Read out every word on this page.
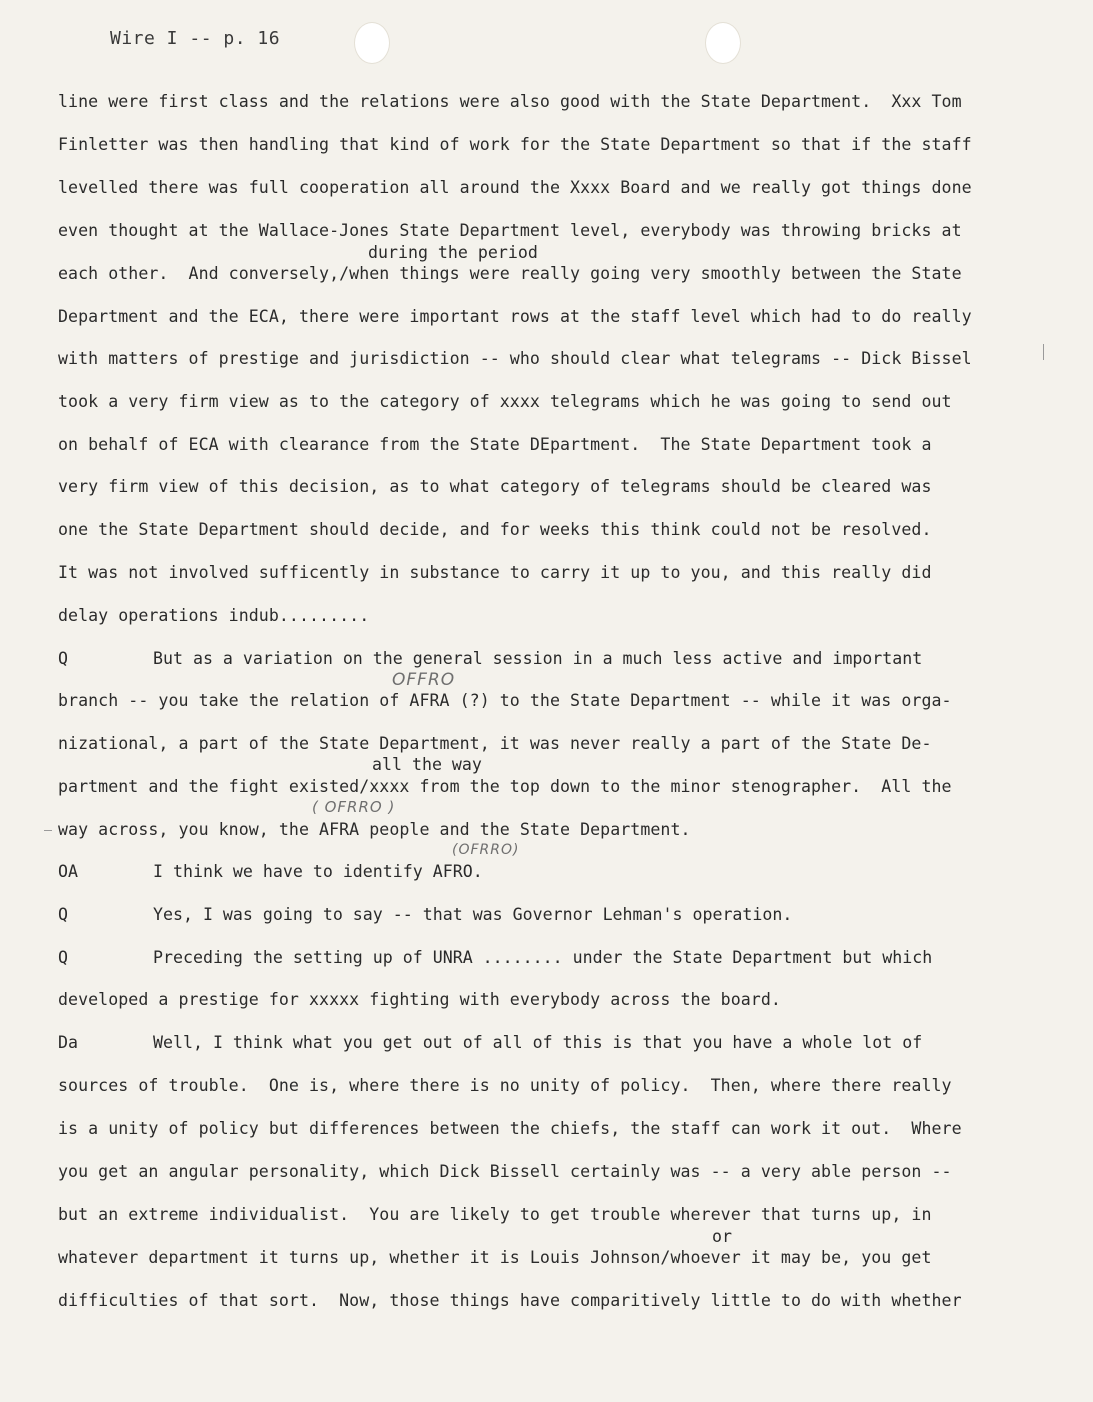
Wire I -- p. 16
line were first class and the relations were also good with the State Department.  Xxx Tom
Finletter was then handling that kind of work for the State Department so that if the staff
levelled there was full cooperation all around the Xxxx Board and we really got things done
even thought at the Wallace-Jones State Department level, everybody was throwing bricks at
during the period
each other.  And conversely,/when things were really going very smoothly between the State
Department and the ECA, there were important rows at the staff level which had to do really
with matters of prestige and jurisdiction -- who should clear what telegrams -- Dick Bissel
took a very firm view as to the category of xxxx telegrams which he was going to send out
on behalf of ECA with clearance from the State DEpartment.  The State Department took a
very firm view of this decision, as to what category of telegrams should be cleared was
one the State Department should decide, and for weeks this think could not be resolved.
It was not involved sufficently in substance to carry it up to you, and this really did
delay operations indub.........
Q	But as a variation on the general session in a much less active and important
OFFRO
branch -- you take the relation of AFRA (?) to the State Department -- while it was orga-
nizational, a part of the State Department, it was never really a part of the State De-
all the way
partment and the fight existed/xxxx from the top down to the minor stenographer.  All the
( OFRRO )
way across, you know, the AFRA people and the State Department.
OA	I think we have to identify AFRO.
(OFRRO)
Q	Yes, I was going to say -- that was Governor Lehman's operation.
Q	Preceding the setting up of UNRA ........ under the State Department but which
developed a prestige for xxxxx fighting with everybody across the board.
Da	Well, I think what you get out of all of this is that you have a whole lot of
sources of trouble.  One is, where there is no unity of policy.  Then, where there really
is a unity of policy but differences between the chiefs, the staff can work it out.  Where
you get an angular personality, which Dick Bissell certainly was -- a very able person --
but an extreme individualist.  You are likely to get trouble wherever that turns up, in
or
whatever department it turns up, whether it is Louis Johnson/whoever it may be, you get
difficulties of that sort.  Now, those things have comparitively little to do with whether
